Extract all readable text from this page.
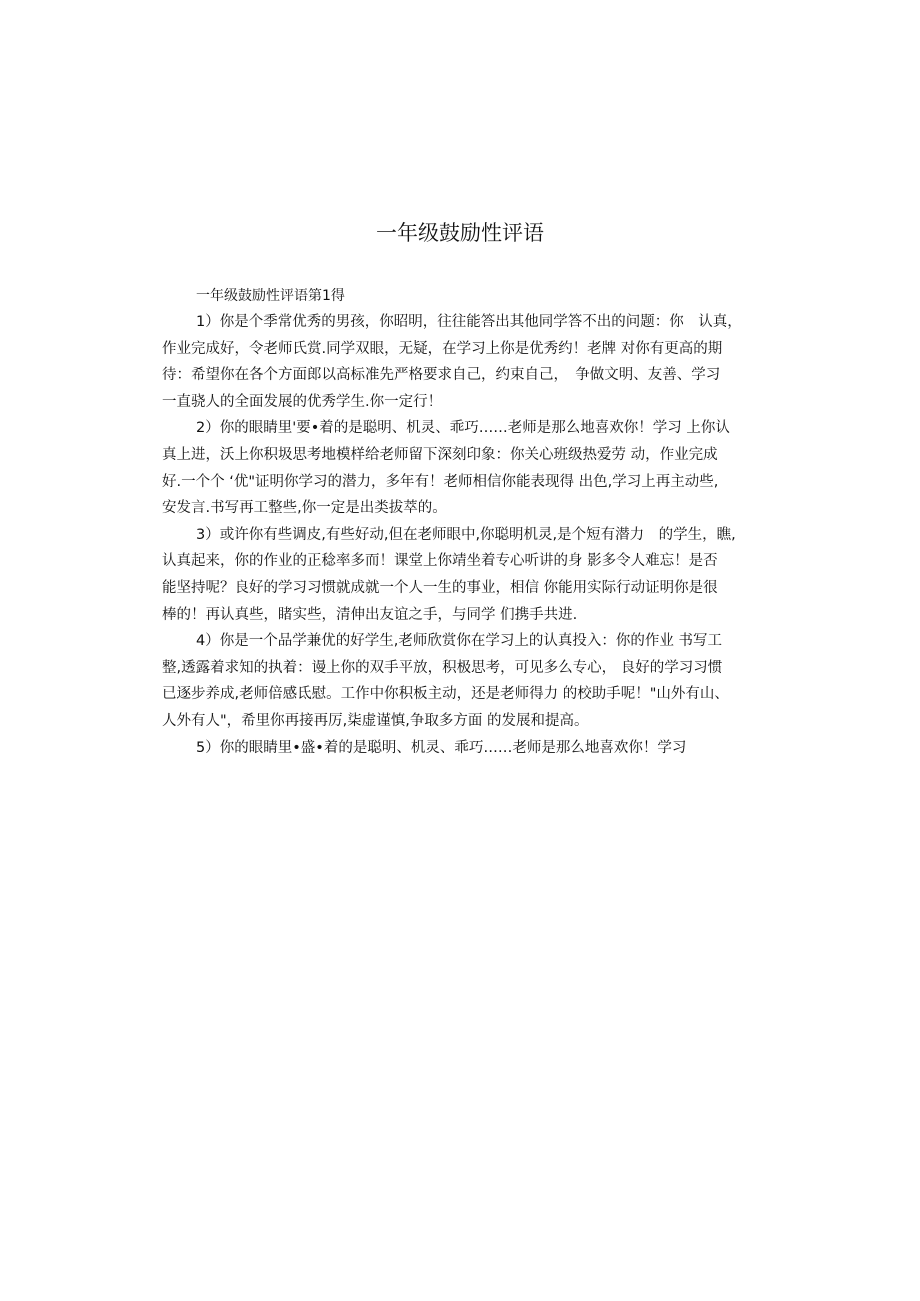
一年级鼓励性评语

一年级鼓励性评语第1得

1）你是个季常优秀的男孩，你昭明，往往能答出其他同学答不出的问题：你　认真，
作业完成好，令老师氏赏.同学双眼，无疑，在学习上你是优秀约！老牌 对你有更高的期
待：希望你在各个方面郎以高标准先严格要求自己，约束自己，　争做文明、友善、学习
一直骁人的全面发展的优秀学生.你一定行！

2）你的眼睛里'要•着的是聪明、机灵、乖巧……老师是那么地喜欢你！学习 上你认
真上进，沃上你积圾思考地模样给老师留下深刻印象：你关心班级热爱劳 动，作业完成
好.一个个 ‘优"证明你学习的潜力，多年有！老师相信你能表现得 出色,学习上再主动些,
安发言.书写再工整些,你一定是出类拔萃的。

3）或许你有些调皮,有些好动,但在老师眼中,你聪明机灵,是个短有潜力　的学生，瞧,
认真起来，你的作业的正稔率多而！课堂上你靖坐着专心听讲的身 影多令人难忘！是否
能坚持呢？良好的学习习惯就成就一个人一生的事业，相信 你能用实际行动证明你是很
棒的！再认真些，睹实些，清伸出友谊之手，与同学 们携手共进.

4）你是一个品学兼优的好学生,老师欣赏你在学习上的认真投入：你的作业 书写工
整,透露着求知的执着：谩上你的双手平放，积极思考，可见多么专心， 良好的学习习惯
已逐步养成,老师倍感氐慰。工作中你积板主动，还是老师得力 的校助手呢！"山外有山、
人外有人"，希里你再接再厉,柒虚谨慎,争取多方面 的发展和提高。

5）你的眼睛里•盛•着的是聪明、机灵、乖巧……老师是那么地喜欢你！学习
